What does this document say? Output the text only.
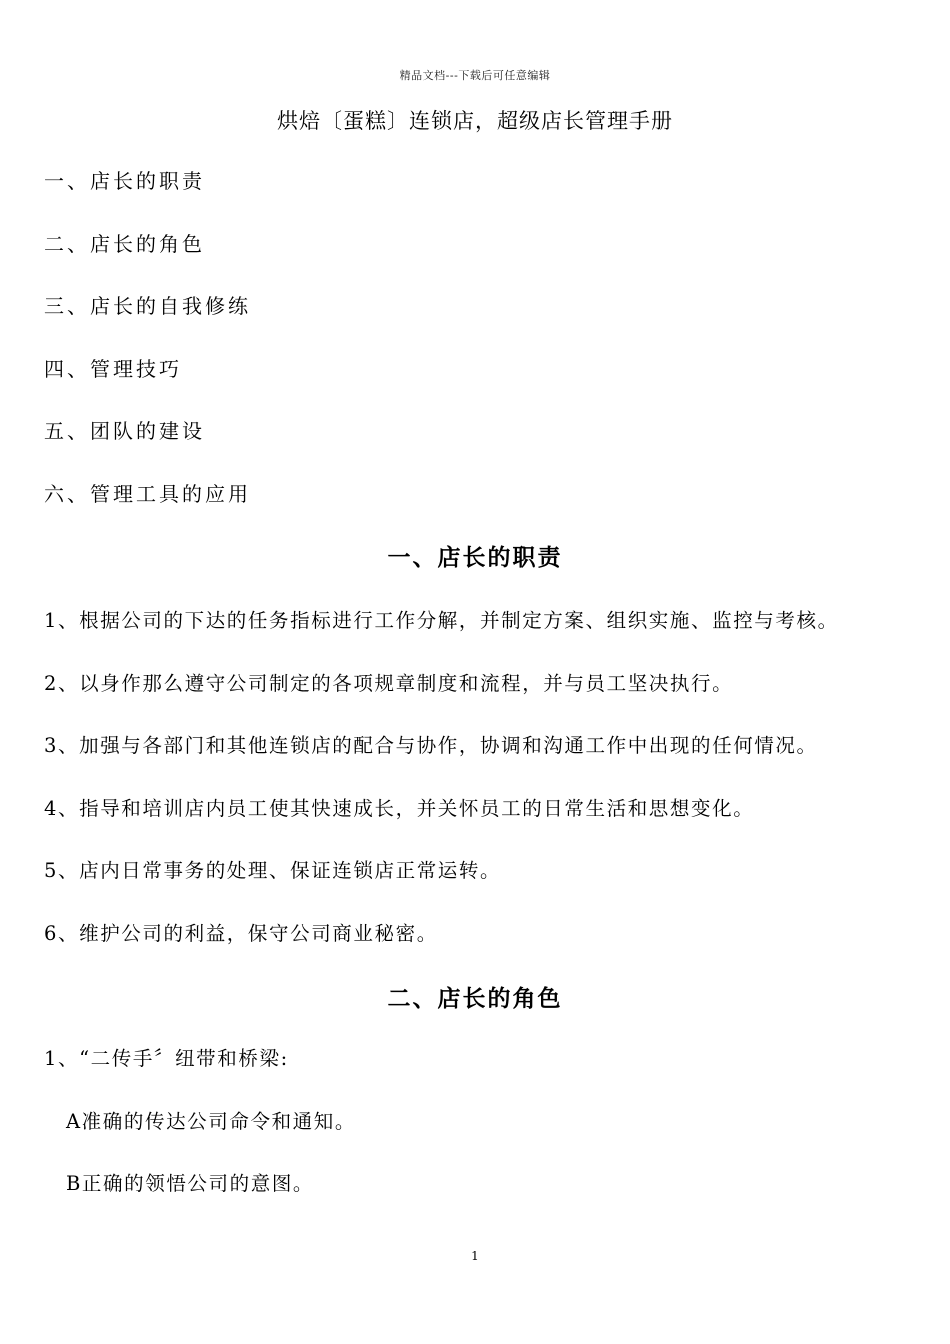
精品文档---下载后可任意编辑
烘焙〔蛋糕〕连锁店，超级店长管理手册
一、店长的职责
二、店长的角色
三、店长的自我修练
四、管理技巧
五、团队的建设
六、管理工具的应用
一、店长的职责
1、根据公司的下达的任务指标进行工作分解，并制定方案、组织实施、监控与考核。
2、以身作那么遵守公司制定的各项规章制度和流程，并与员工坚决执行。
3、加强与各部门和其他连锁店的配合与协作，协调和沟通工作中出现的任何情况。
4、指导和培训店内员工使其快速成长，并关怀员工的日常生活和思想变化。
5、店内日常事务的处理、保证连锁店正常运转。
6、维护公司的利益，保守公司商业秘密。
二、店长的角色
1、“二传手〞纽带和桥梁:
A准确的传达公司命令和通知。
B正确的领悟公司的意图。
1
